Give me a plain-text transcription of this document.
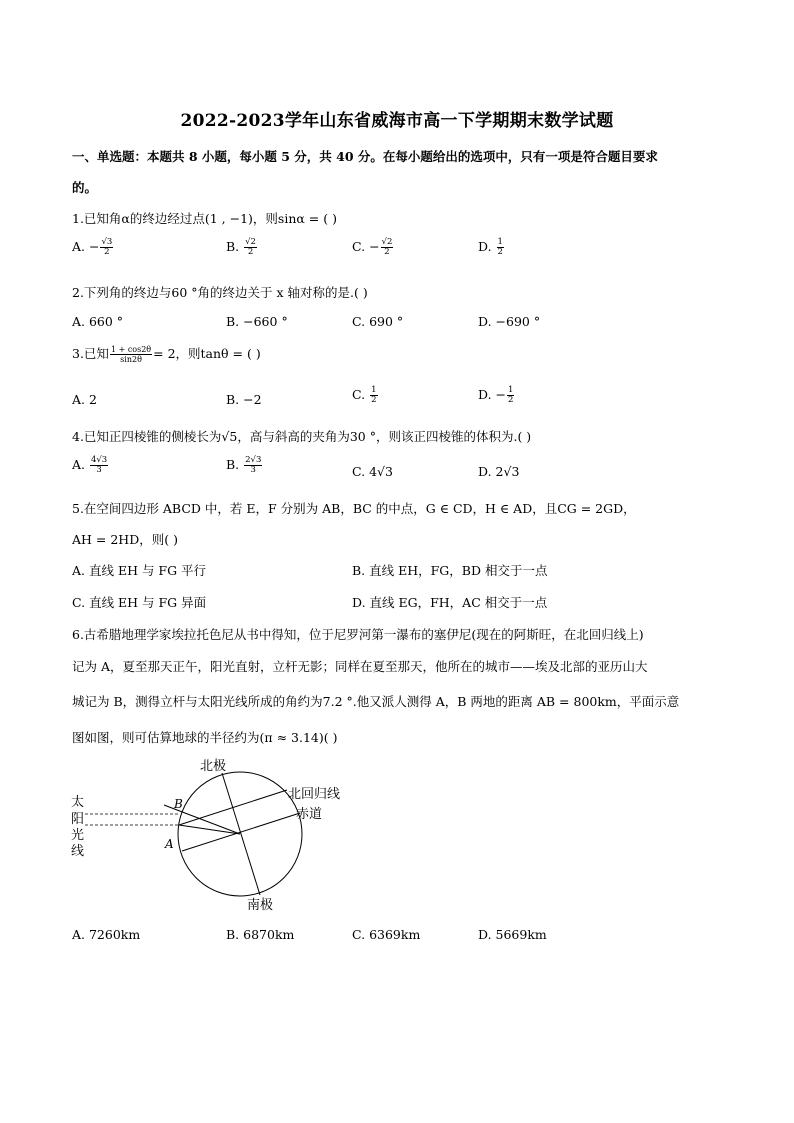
2022-2023学年山东省威海市高一下学期期末数学试题
一、单选题：本题共 8 小题，每小题 5 分，共 40 分。在每小题给出的选项中，只有一项是符合题目要求
的。
1.已知角α的终边经过点(1 , −1)，则sinα = ( )
A. − $\frac{√3}{2}$	B. $\frac{√2}{2}$	C. − $\frac{√2}{2}$	D. $\frac{1}{2}$
2.下列角的终边与60 °角的终边关于 x 轴对称的是.( )
A. 660 °	B. −660 °	C. 690 °	D. −690 °
3.已知 $\frac{1 + \cos 2\theta}{\sin 2\theta} = 2$，则tanθ = ( )
A. 2	B. −2	C. $\frac{1}{2}$	D. − $\frac{1}{2}$
4.已知正四棱锥的侧棱长为√5，高与斜高的夹角为30 °，则该正四棱锥的体积为.( )
A. $\frac{4√3}{3}$	B. $\frac{2√3}{3}$	C. 4√3	D. 2√3
5.在空间四边形 ABCD 中，若 E，F 分别为 AB，BC 的中点，G ∈ CD，H ∈ AD，且CG = 2GD，
AH = 2HD，则( )
A. 直线 EH 与 FG 平行	B. 直线 EH，FG，BD 相交于一点
C. 直线 EH 与 FG 异面	D. 直线 EG，FH，AC 相交于一点
6.古希腊地理学家埃拉托色尼从书中得知，位于尼罗河第一瀑布的塞伊尼(现在的阿斯旺，在北回归线上)
记为 A，夏至那天正午，阳光直射，立杆无影；同样在夏至那天，他所在的城市——埃及北部的亚历山大
城记为 B，测得立杆与太阳光线所成的角约为7.2 °.他又派人测得 A，B 两地的距离 AB = 800km，平面示意
图如图，则可估算地球的半径约为(π ≈ 3.14)( )
北极
南极
北回归线
赤道
太
阳
光
线
B
A
A. 7260km	B. 6870km	C. 6369km	D. 5669km
